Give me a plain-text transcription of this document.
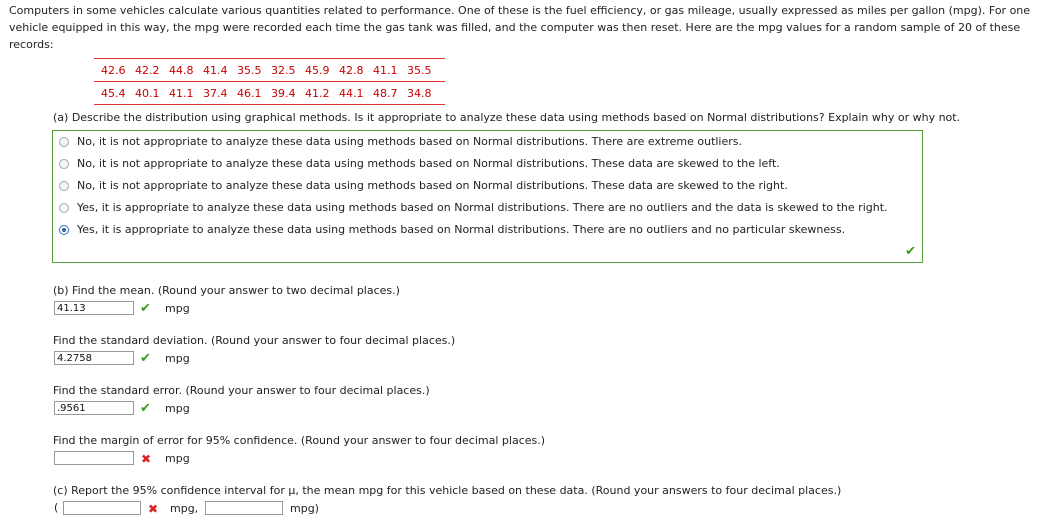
Computers in some vehicles calculate various quantities related to performance. One of these is the fuel efficiency, or gas mileage, usually expressed as miles per gallon (mpg). For one vehicle equipped in this way, the mpg were recorded each time the gas tank was filled, and the computer was then reset. Here are the mpg values for a random sample of 20 of these records:
42.6 42.2 44.8 41.4 35.5 32.5 45.9 42.8 41.1 35.5
45.4 40.1 41.1 37.4 46.1 39.4 41.2 44.1 48.7 34.8
(a) Describe the distribution using graphical methods. Is it appropriate to analyze these data using methods based on Normal distributions? Explain why or why not.
No, it is not appropriate to analyze these data using methods based on Normal distributions. There are extreme outliers.
No, it is not appropriate to analyze these data using methods based on Normal distributions. These data are skewed to the left.
No, it is not appropriate to analyze these data using methods based on Normal distributions. These data are skewed to the right.
Yes, it is appropriate to analyze these data using methods based on Normal distributions. There are no outliers and the data is skewed to the right.
Yes, it is appropriate to analyze these data using methods based on Normal distributions. There are no outliers and no particular skewness.
✔
(b) Find the mean. (Round your answer to two decimal places.)
41.13	✔ mpg
Find the standard deviation. (Round your answer to four decimal places.)
4.2758	✔ mpg
Find the standard error. (Round your answer to four decimal places.)
.9561	✔ mpg
Find the margin of error for 95% confidence. (Round your answer to four decimal places.)
✖ mpg
(c) Report the 95% confidence interval for μ, the mean mpg for this vehicle based on these data. (Round your answers to four decimal places.)
(	✖ mpg,	mpg)
